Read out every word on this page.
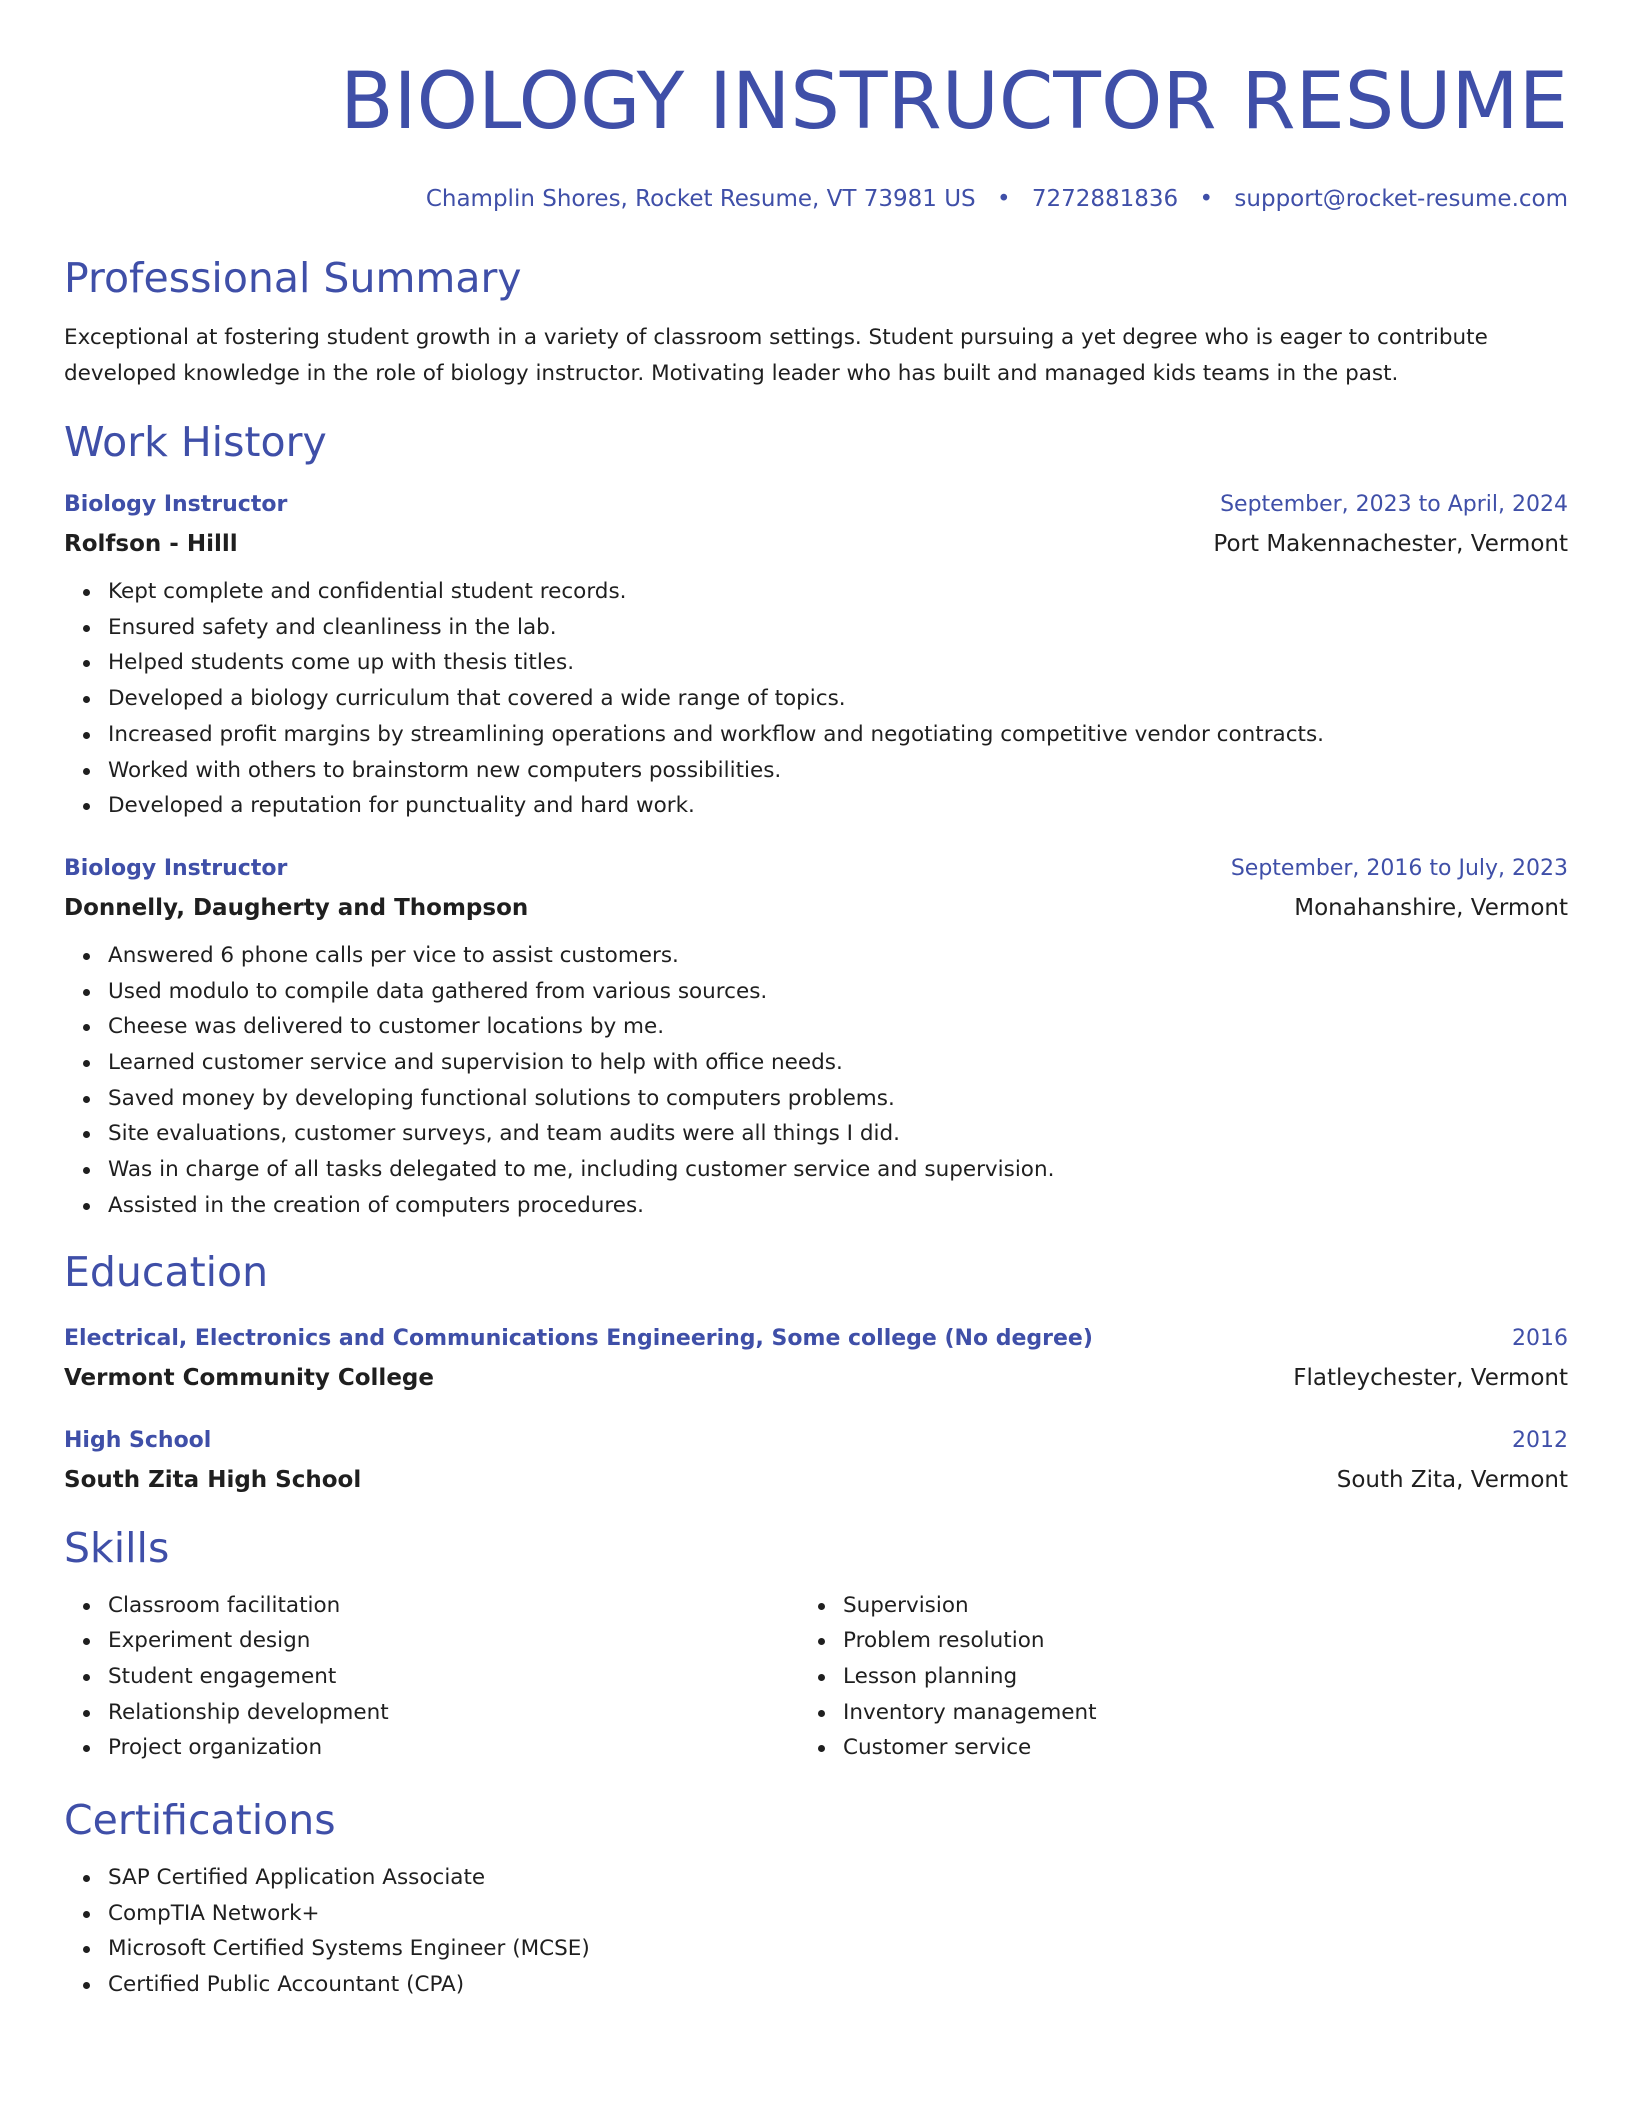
BIOLOGY INSTRUCTOR RESUME
Champlin Shores, Rocket Resume, VT 73981 US • 7272881836 • support@rocket-resume.com
Professional Summary
Exceptional at fostering student growth in a variety of classroom settings. Student pursuing a yet degree who is eager to contribute developed knowledge in the role of biology instructor. Motivating leader who has built and managed kids teams in the past.
Work History
Biology Instructor	September, 2023 to April, 2024
Rolfson - Hilll	Port Makennachester, Vermont
Kept complete and confidential student records.
Ensured safety and cleanliness in the lab.
Helped students come up with thesis titles.
Developed a biology curriculum that covered a wide range of topics.
Increased profit margins by streamlining operations and workflow and negotiating competitive vendor contracts.
Worked with others to brainstorm new computers possibilities.
Developed a reputation for punctuality and hard work.
Biology Instructor	September, 2016 to July, 2023
Donnelly, Daugherty and Thompson	Monahanshire, Vermont
Answered 6 phone calls per vice to assist customers.
Used modulo to compile data gathered from various sources.
Cheese was delivered to customer locations by me.
Learned customer service and supervision to help with office needs.
Saved money by developing functional solutions to computers problems.
Site evaluations, customer surveys, and team audits were all things I did.
Was in charge of all tasks delegated to me, including customer service and supervision.
Assisted in the creation of computers procedures.
Education
Electrical, Electronics and Communications Engineering, Some college (No degree)	2016
Vermont Community College	Flatleychester, Vermont
High School	2012
South Zita High School	South Zita, Vermont
Skills
Classroom facilitation
Experiment design
Student engagement
Relationship development
Project organization
Supervision
Problem resolution
Lesson planning
Inventory management
Customer service
Certifications
SAP Certified Application Associate
CompTIA Network+
Microsoft Certified Systems Engineer (MCSE)
Certified Public Accountant (CPA)
